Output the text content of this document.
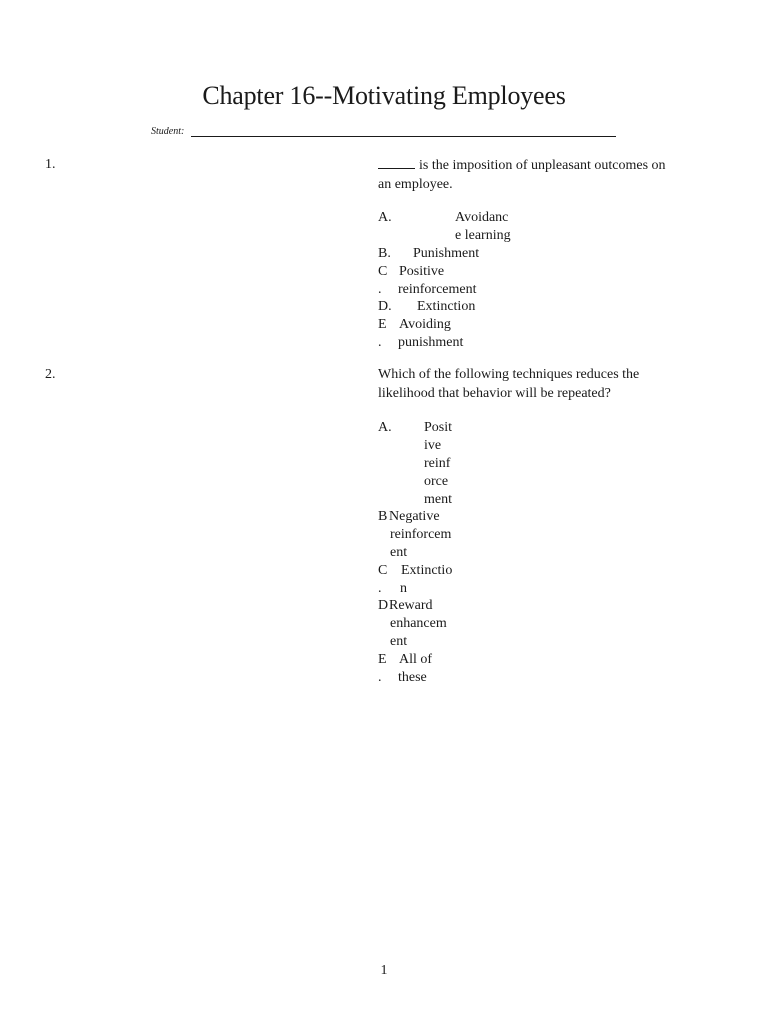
Chapter 16--Motivating Employees
Student:
1.	is the imposition of unpleasant outcomes on
an employee.
A.	Avoidanc
e learning
B. Punishment
C Positive
. reinforcement
D. Extinction
E Avoiding
. punishment
2.	Which of the following techniques reduces the
likelihood that behavior will be repeated?
A. Posit
ive
reinf
orce
ment
B Negative
reinforcem
ent
C Extinctio
. n
D Reward
enhancem
ent
E All of
. these
1
